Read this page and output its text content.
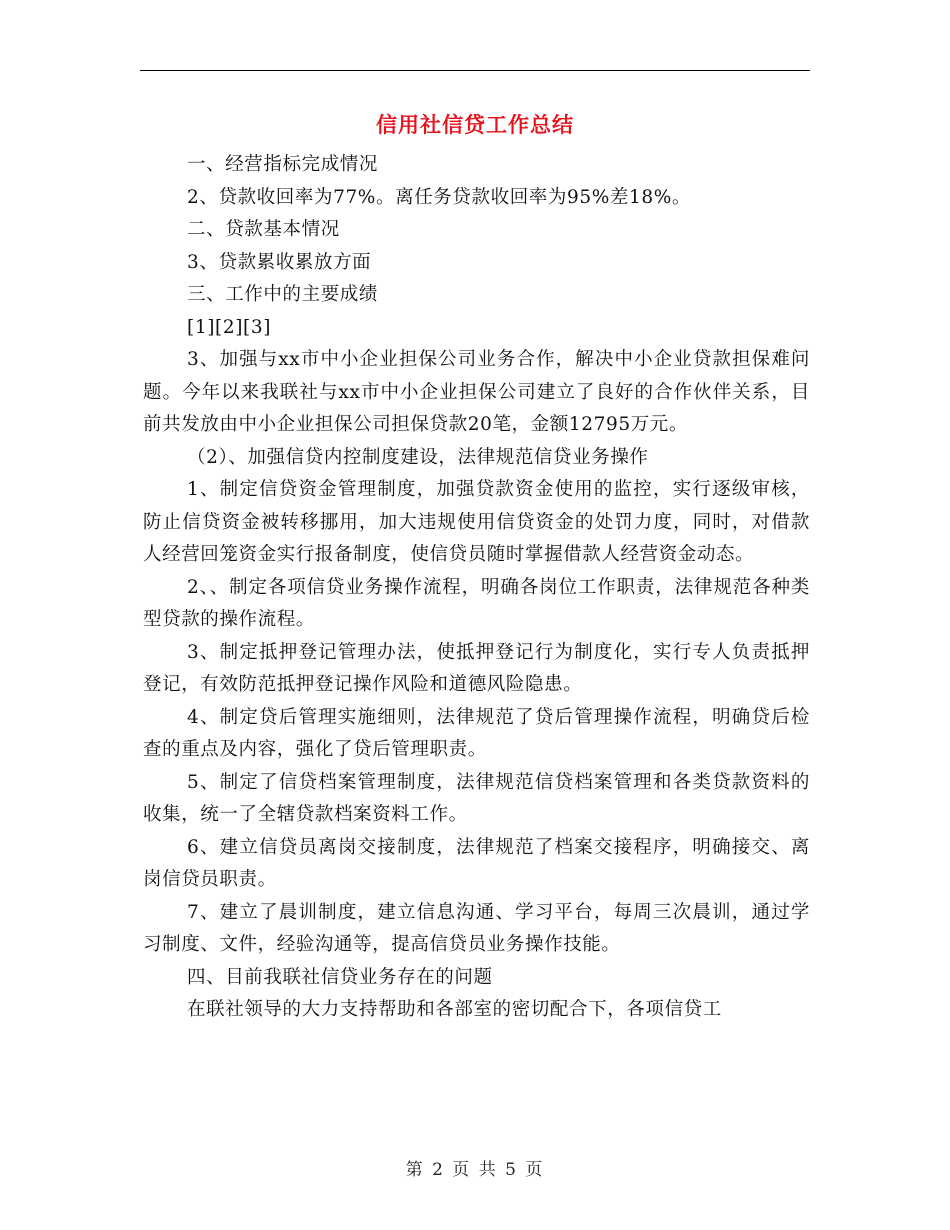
信用社信贷工作总结

一、经营指标完成情况

2、贷款收回率为77%。离任务贷款收回率为95%差18%。

二、贷款基本情况

3、贷款累收累放方面

三、工作中的主要成绩

[1][2][3]

3、加强与xx市中小企业担保公司业务合作，解决中小企业贷款担保难问题。今年以来我联社与xx市中小企业担保公司建立了良好的合作伙伴关系，目前共发放由中小企业担保公司担保贷款20笔，金额12795万元。

（2）、加强信贷内控制度建设，法律规范信贷业务操作

1、制定信贷资金管理制度，加强贷款资金使用的监控，实行逐级审核，防止信贷资金被转移挪用，加大违规使用信贷资金的处罚力度，同时，对借款人经营回笼资金实行报备制度，使信贷员随时掌握借款人经营资金动态。

2、、制定各项信贷业务操作流程，明确各岗位工作职责，法律规范各种类型贷款的操作流程。

3、制定抵押登记管理办法，使抵押登记行为制度化，实行专人负责抵押登记，有效防范抵押登记操作风险和道德风险隐患。

4、制定贷后管理实施细则，法律规范了贷后管理操作流程，明确贷后检查的重点及内容，强化了贷后管理职责。

5、制定了信贷档案管理制度，法律规范信贷档案管理和各类贷款资料的收集，统一了全辖贷款档案资料工作。

6、建立信贷员离岗交接制度，法律规范了档案交接程序，明确接交、离岗信贷员职责。

7、建立了晨训制度，建立信息沟通、学习平台，每周三次晨训，通过学习制度、文件，经验沟通等，提高信贷员业务操作技能。

四、目前我联社信贷业务存在的问题

在联社领导的大力支持帮助和各部室的密切配合下，各项信贷工

第 2 页 共 5 页
